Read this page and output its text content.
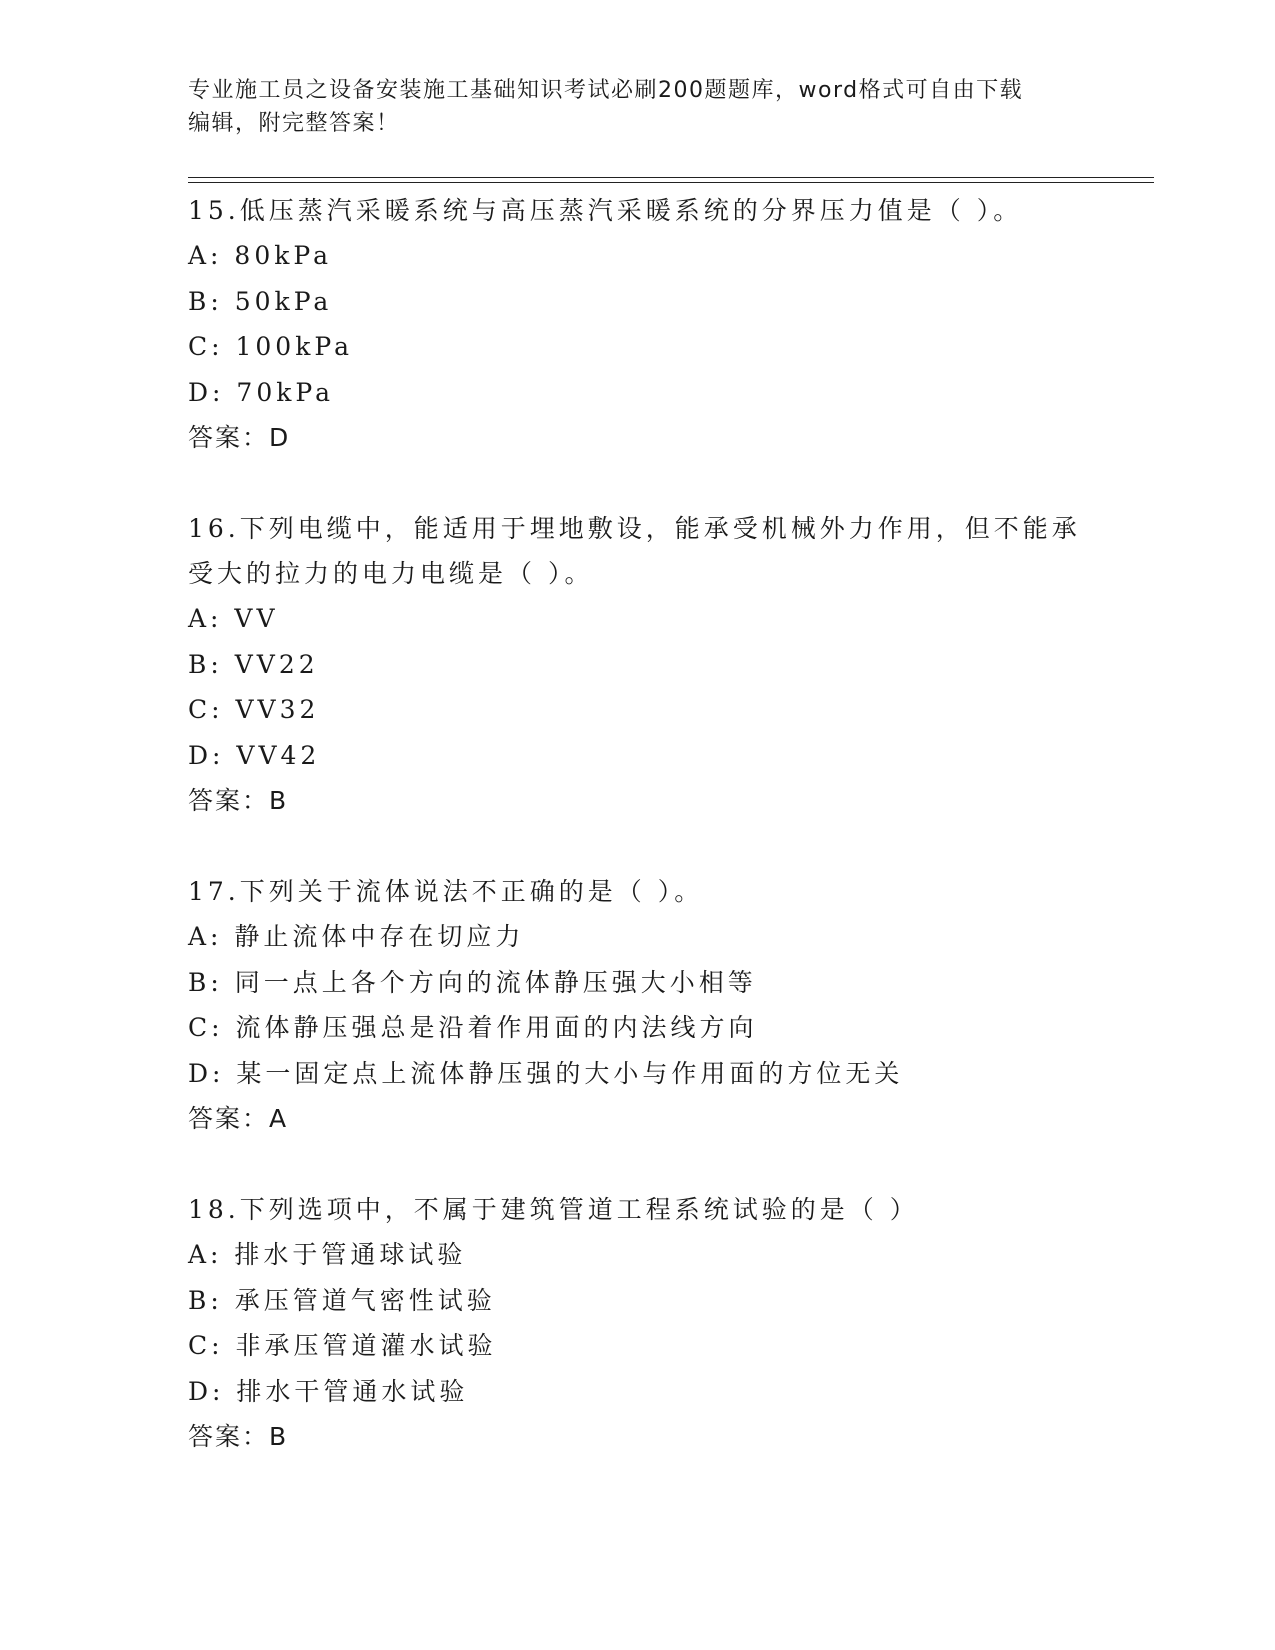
专业施工员之设备安装施工基础知识考试必刷200题题库，word格式可自由下载
编辑，附完整答案！
15.低压蒸汽采暖系统与高压蒸汽采暖系统的分界压力值是（ ）。
A: 80kPa
B: 50kPa
C: 100kPa
D: 70kPa
答案：D
16.下列电缆中，能适用于埋地敷设，能承受机械外力作用，但不能承
受大的拉力的电力电缆是（ ）。
A: VV
B: VV22
C: VV32
D: VV42
答案：B
17.下列关于流体说法不正确的是（ ）。
A: 静止流体中存在切应力
B: 同一点上各个方向的流体静压强大小相等
C: 流体静压强总是沿着作用面的内法线方向
D: 某一固定点上流体静压强的大小与作用面的方位无关
答案：A
18.下列选项中，不属于建筑管道工程系统试验的是（ ）
A: 排水于管通球试验
B: 承压管道气密性试验
C: 非承压管道灌水试验
D: 排水干管通水试验
答案：B
